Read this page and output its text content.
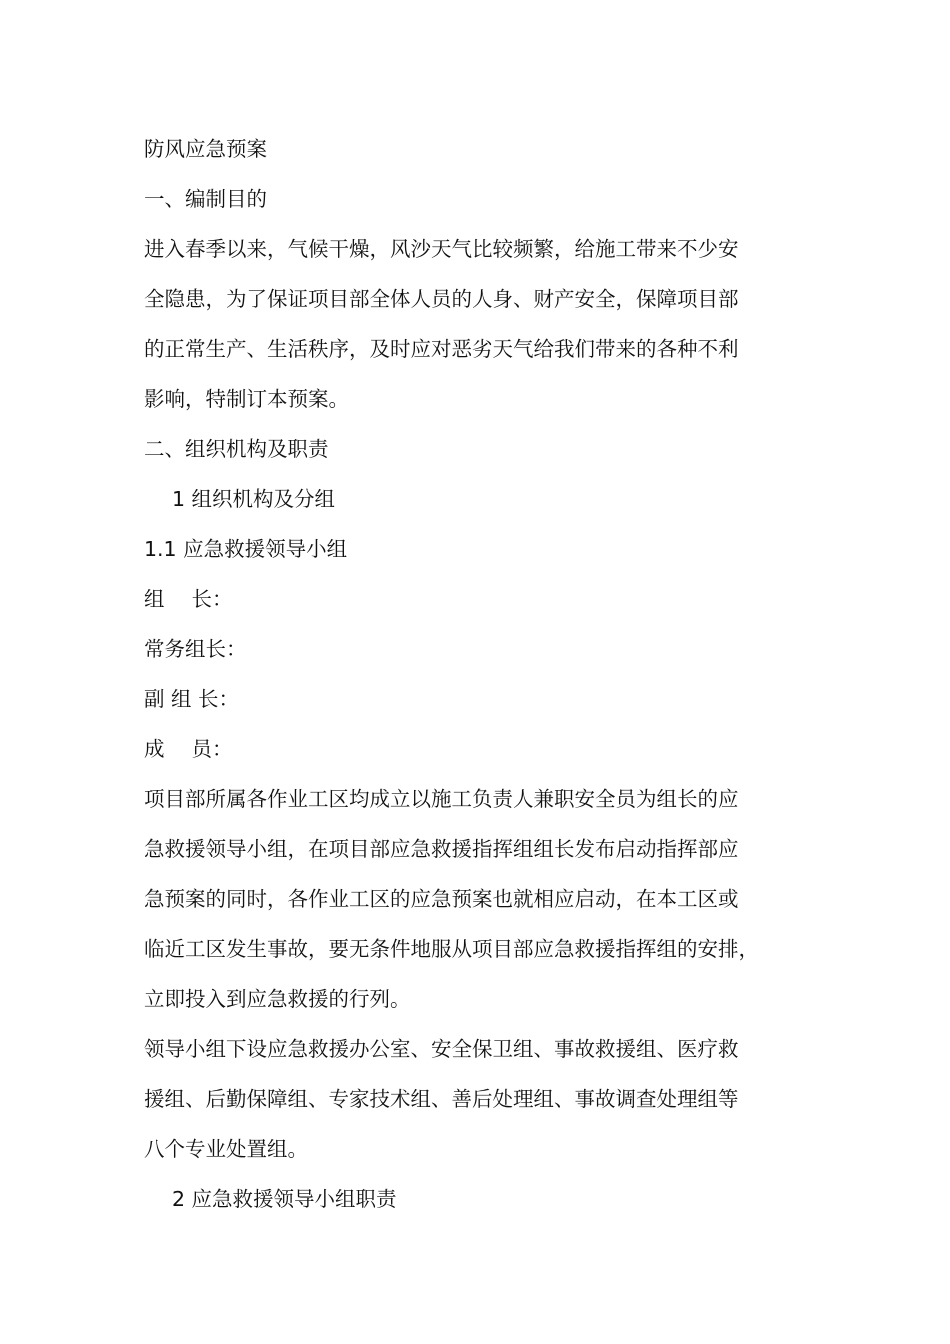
防风应急预案
一、编制目的
进入春季以来，气候干燥，风沙天气比较频繁，给施工带来不少安
全隐患，为了保证项目部全体人员的人身、财产安全，保障项目部
的正常生产、生活秩序，及时应对恶劣天气给我们带来的各种不利
影响，特制订本预案。
二、组织机构及职责
1 组织机构及分组
1.1 应急救援领导小组
组　 长：
常务组长：
副 组 长：
成　 员：
项目部所属各作业工区均成立以施工负责人兼职安全员为组长的应
急救援领导小组，在项目部应急救援指挥组组长发布启动指挥部应
急预案的同时，各作业工区的应急预案也就相应启动，在本工区或
临近工区发生事故，要无条件地服从项目部应急救援指挥组的安排，
立即投入到应急救援的行列。
领导小组下设应急救援办公室、安全保卫组、事故救援组、医疗救
援组、后勤保障组、专家技术组、善后处理组、事故调查处理组等
八个专业处置组。
2 应急救援领导小组职责
